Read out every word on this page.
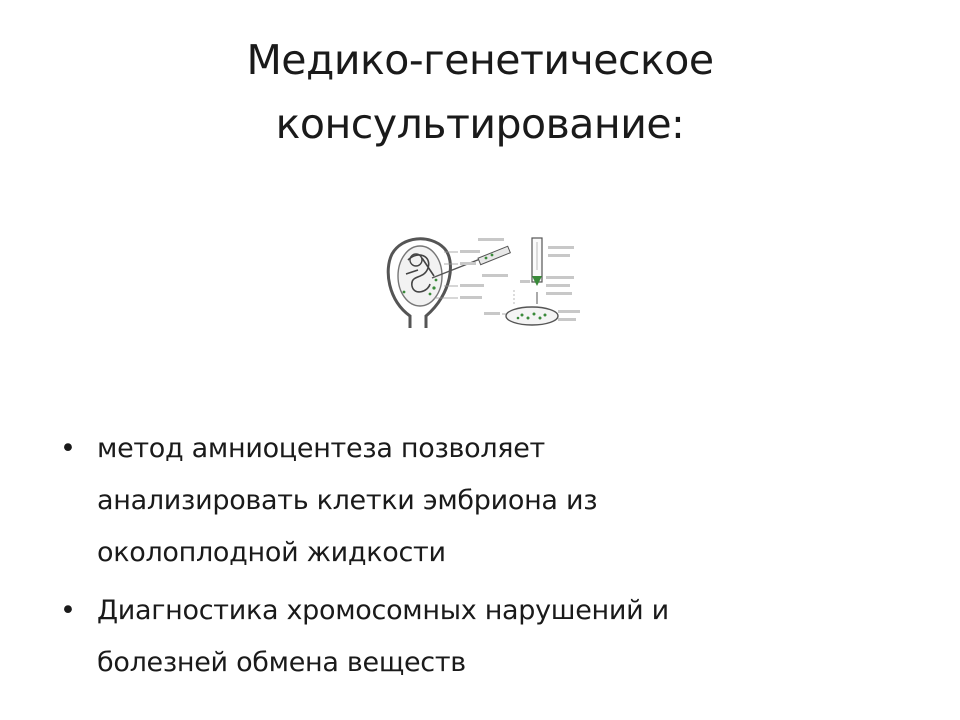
Медико-генетическое
консультирование:
• метод амниоцентеза позволяет
анализировать клетки эмбриона из
околоплодной жидкости
• Диагностика хромосомных нарушений и
болезней обмена веществ
